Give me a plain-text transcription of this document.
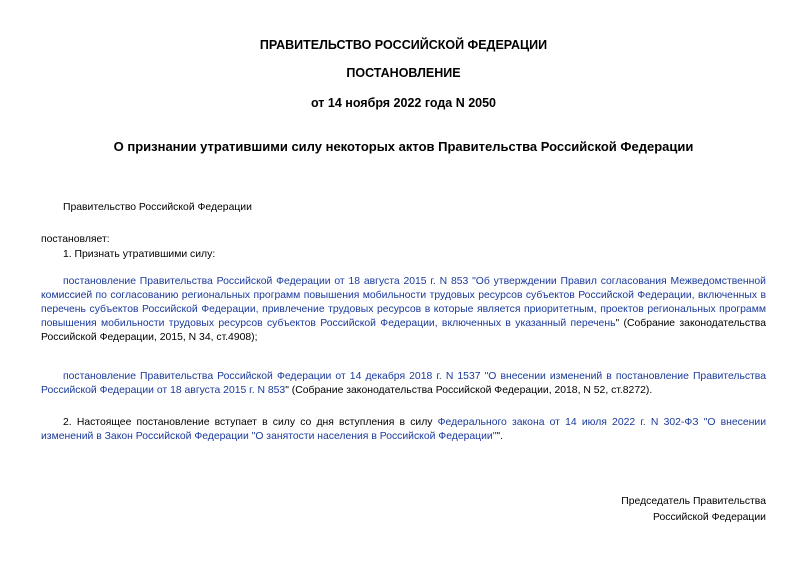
ПРАВИТЕЛЬСТВО РОССИЙСКОЙ ФЕДЕРАЦИИ

ПОСТАНОВЛЕНИЕ

от 14 ноября 2022 года N 2050

О признании утратившими силу некоторых актов Правительства Российской Федерации

Правительство Российской Федерации

постановляет:

1. Признать утратившими силу:

постановление Правительства Российской Федерации от 18 августа 2015 г. N 853 "Об утверждении Правил согласования Межведомственной комиссией по согласованию региональных программ повышения мобильности трудовых ресурсов субъектов Российской Федерации, включенных в перечень субъектов Российской Федерации, привлечение трудовых ресурсов в которые является приоритетным, проектов региональных программ повышения мобильности трудовых ресурсов субъектов Российской Федерации, включенных в указанный перечень" (Собрание законодательства Российской Федерации, 2015, N 34, ст.4908);

постановление Правительства Российской Федерации от 14 декабря 2018 г. N 1537 "О внесении изменений в постановление Правительства Российской Федерации от 18 августа 2015 г. N 853" (Собрание законодательства Российской Федерации, 2018, N 52, ст.8272).

2. Настоящее постановление вступает в силу со дня вступления в силу Федерального закона от 14 июля 2022 г. N 302-ФЗ "О внесении изменений в Закон Российской Федерации "О занятости населения в Российской Федерации"".

Председатель Правительства
Российской Федерации
